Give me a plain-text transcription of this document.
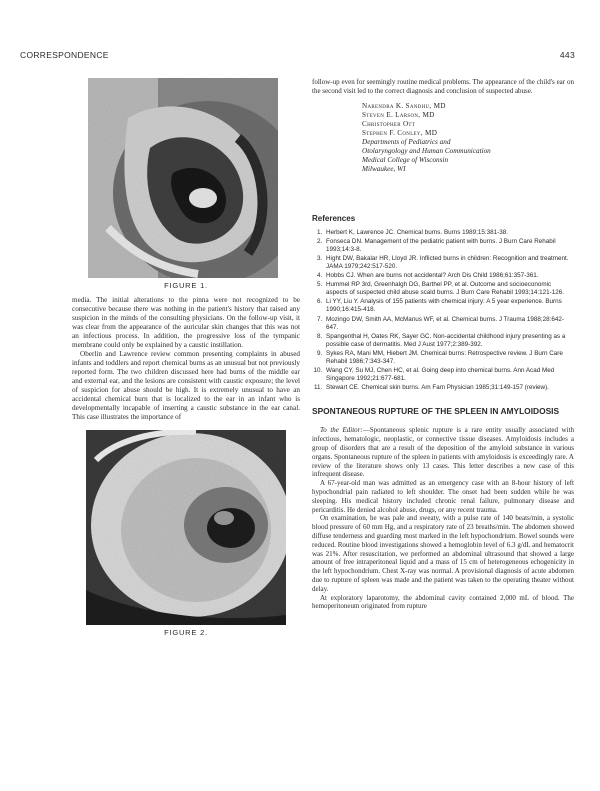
CORRESPONDENCE	443
FIGURE 1.

media. The initial alterations to the pinna were not recognized to be consecutive because there was nothing in the patient's history that raised any suspicion in the minds of the consulting physicians. On the follow-up visit, it was clear from the appearance of the auricular skin changes that this was not an infectious process. In addition, the progressive loss of the tympanic membrane could only be explained by a caustic instillation.

Oberlin and Lawrence review common presenting complaints in abused infants and toddlers and report chemical burns as an unusual but not previously reported form. The two children discussed here had burns of the middle ear and external ear, and the lesions are consistent with caustic exposure; the level of suspicion for abuse should be high. It is extremely unusual to have an accidental chemical burn that is localized to the ear in an infant who is developmentally incapable of inserting a caustic substance in the ear canal. This case illustrates the importance of

FIGURE 2.

follow-up even for seemingly routine medical problems. The appearance of the child's ear on the second visit led to the correct diagnosis and conclusion of suspected abuse.

Narendra K. Sandhu, MD
Steven E. Larson, MD
Christopher Ott
Stephen F. Conley, MD
Departments of Pediatrics and
Otolaryngology and Human Communication
Medical College of Wisconsin
Milwaukee, WI
References
1. Herbert K, Lawrence JC. Chemical burns. Burns 1989;15:381-38.
2. Fonseca DN. Management of the pediatric patient with burns. J Burn Care Rehabil 1993;14:3-8.
3. Hight DW, Bakalar HR, Lloyd JR. Inflicted burns in children: Recognition and treatment. JAMA 1979;242:517-520.
4. Hobbs CJ. When are burns not accidental? Arch Dis Child 1986;61:357-361.
5. Hummel RP 3rd, Greenhalgh DG, Barthel PP, et al. Outcome and socioeconomic aspects of suspected child abuse scald burns. J Burn Care Rehabil 1993;14:121-126.
6. Li YY, Liu Y. Analysis of 155 patients with chemical injury: A 5 year experience. Burns 1990;16:415-418.
7. Mozingo DW, Smith AA, McManus WF, et al. Chemical burns. J Trauma 1988;28:642-647.
8. Spangenthal H, Oates RK, Sayer GC. Non-accidental childhood injury presenting as a possible case of dermatitis. Med J Aust 1977;2:389-392.
9. Sykes RA, Mani MM, Hiebert JM. Chemical burns: Retrospective review. J Burn Care Rehabil 1986;7:343-347.
10. Wang CY, Su MJ, Chen HC, et al. Going deep into chemical burns. Ann Acad Med Singapore 1992;21:677-681.
11. Stewart CE. Chemical skin burns. Am Fam Physician 1985;31:149-157 (review).
SPONTANEOUS RUPTURE OF THE SPLEEN IN AMYLOIDOSIS

To the Editor:—Spontaneous splenic rupture is a rare entity usually associated with infectious, hematologic, neoplastic, or connective tissue diseases. Amyloidosis includes a group of disorders that are a result of the deposition of the amyloid substance in various organs. Spontaneous rupture of the spleen in patients with amyloidosis is exceedingly rare. A review of the literature shows only 13 cases. This letter describes a new case of this infrequent disease.

A 67-year-old man was admitted as an emergency case with an 8-hour history of left hypochondrial pain radiated to left shoulder. The onset had been sudden while he was sleeping. His medical history included chronic renal failure, pulmonary disease and pericarditis. He denied alcohol abuse, drugs, or any recent trauma.

On examination, he was pale and sweaty, with a pulse rate of 140 beats/min, a systolic blood pressure of 60 mm Hg, and a respiratory rate of 23 breaths/min. The abdomen showed diffuse tenderness and guarding most marked in the left hypochondrium. Bowel sounds were reduced. Routine blood investigations showed a hemoglobin level of 6.3 g/dL and hematocrit was 21%. After resuscitation, we performed an abdominal ultrasound that showed a large amount of free intraperitoneal liquid and a mass of 15 cm of heterogeneous echogenicity in the left hypochondrium. Chest X-ray was normal. A provisional diagnosis of acute abdomen due to rupture of spleen was made and the patient was taken to the operating theater without delay.

At exploratory laparotomy, the abdominal cavity contained 2,000 mL of blood. The hemoperitoneum originated from rupture
